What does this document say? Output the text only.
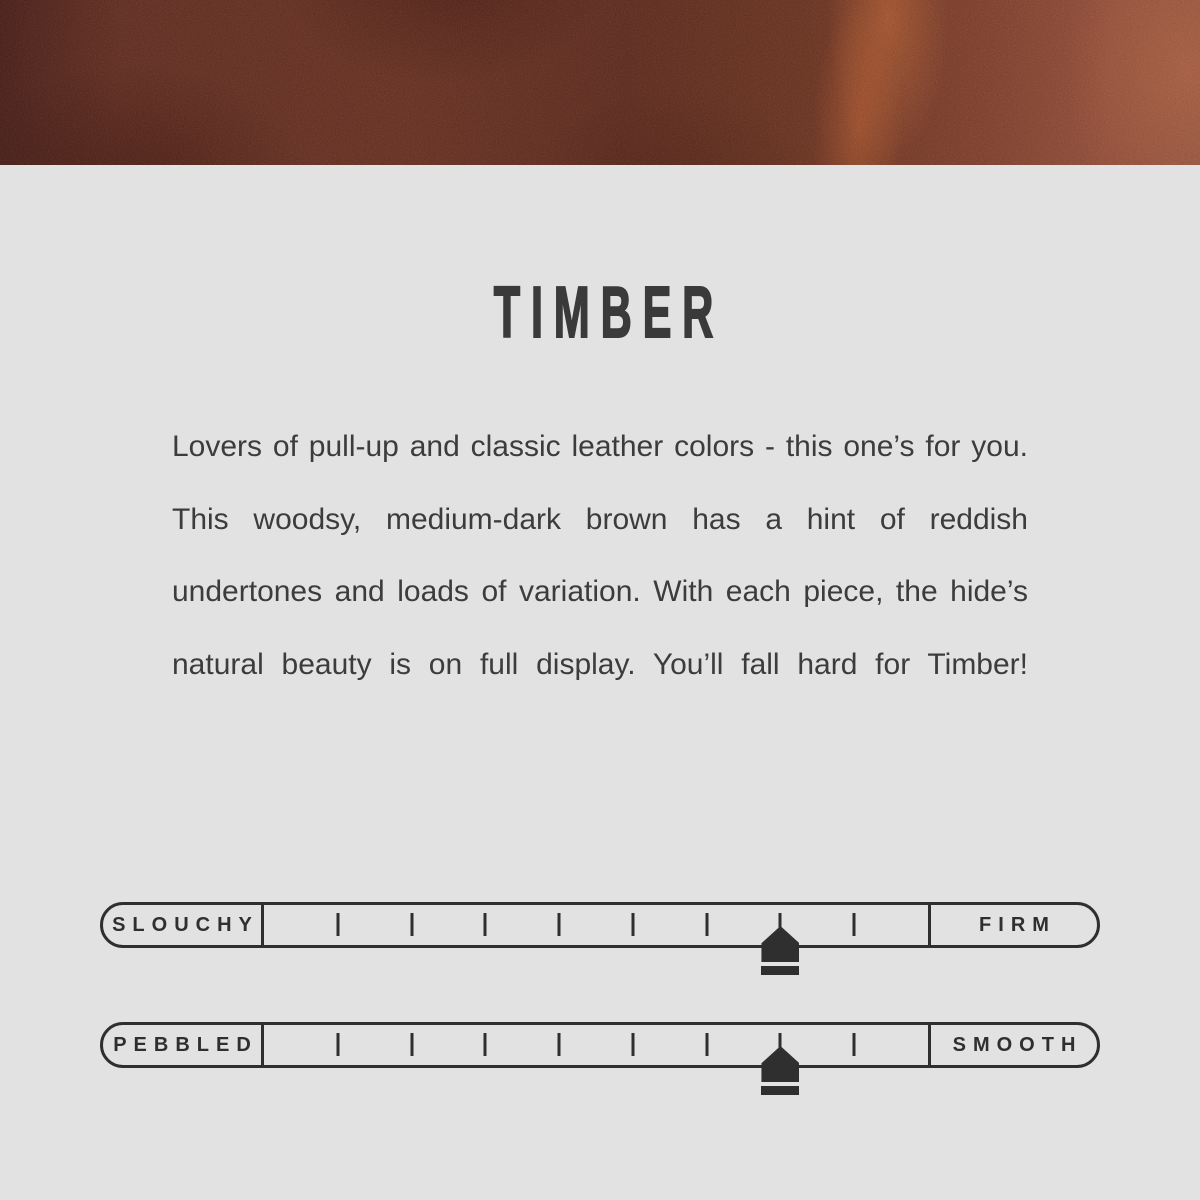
TIMBER
Lovers of pull-up and classic leather colors - this one’s for you.
This woodsy, medium-dark brown has a hint of reddish
undertones and loads of variation. With each piece, the hide’s
natural beauty is on full display. You’ll fall hard for Timber!
SLOUCHY	FIRM
PEBBLED	SMOOTH
